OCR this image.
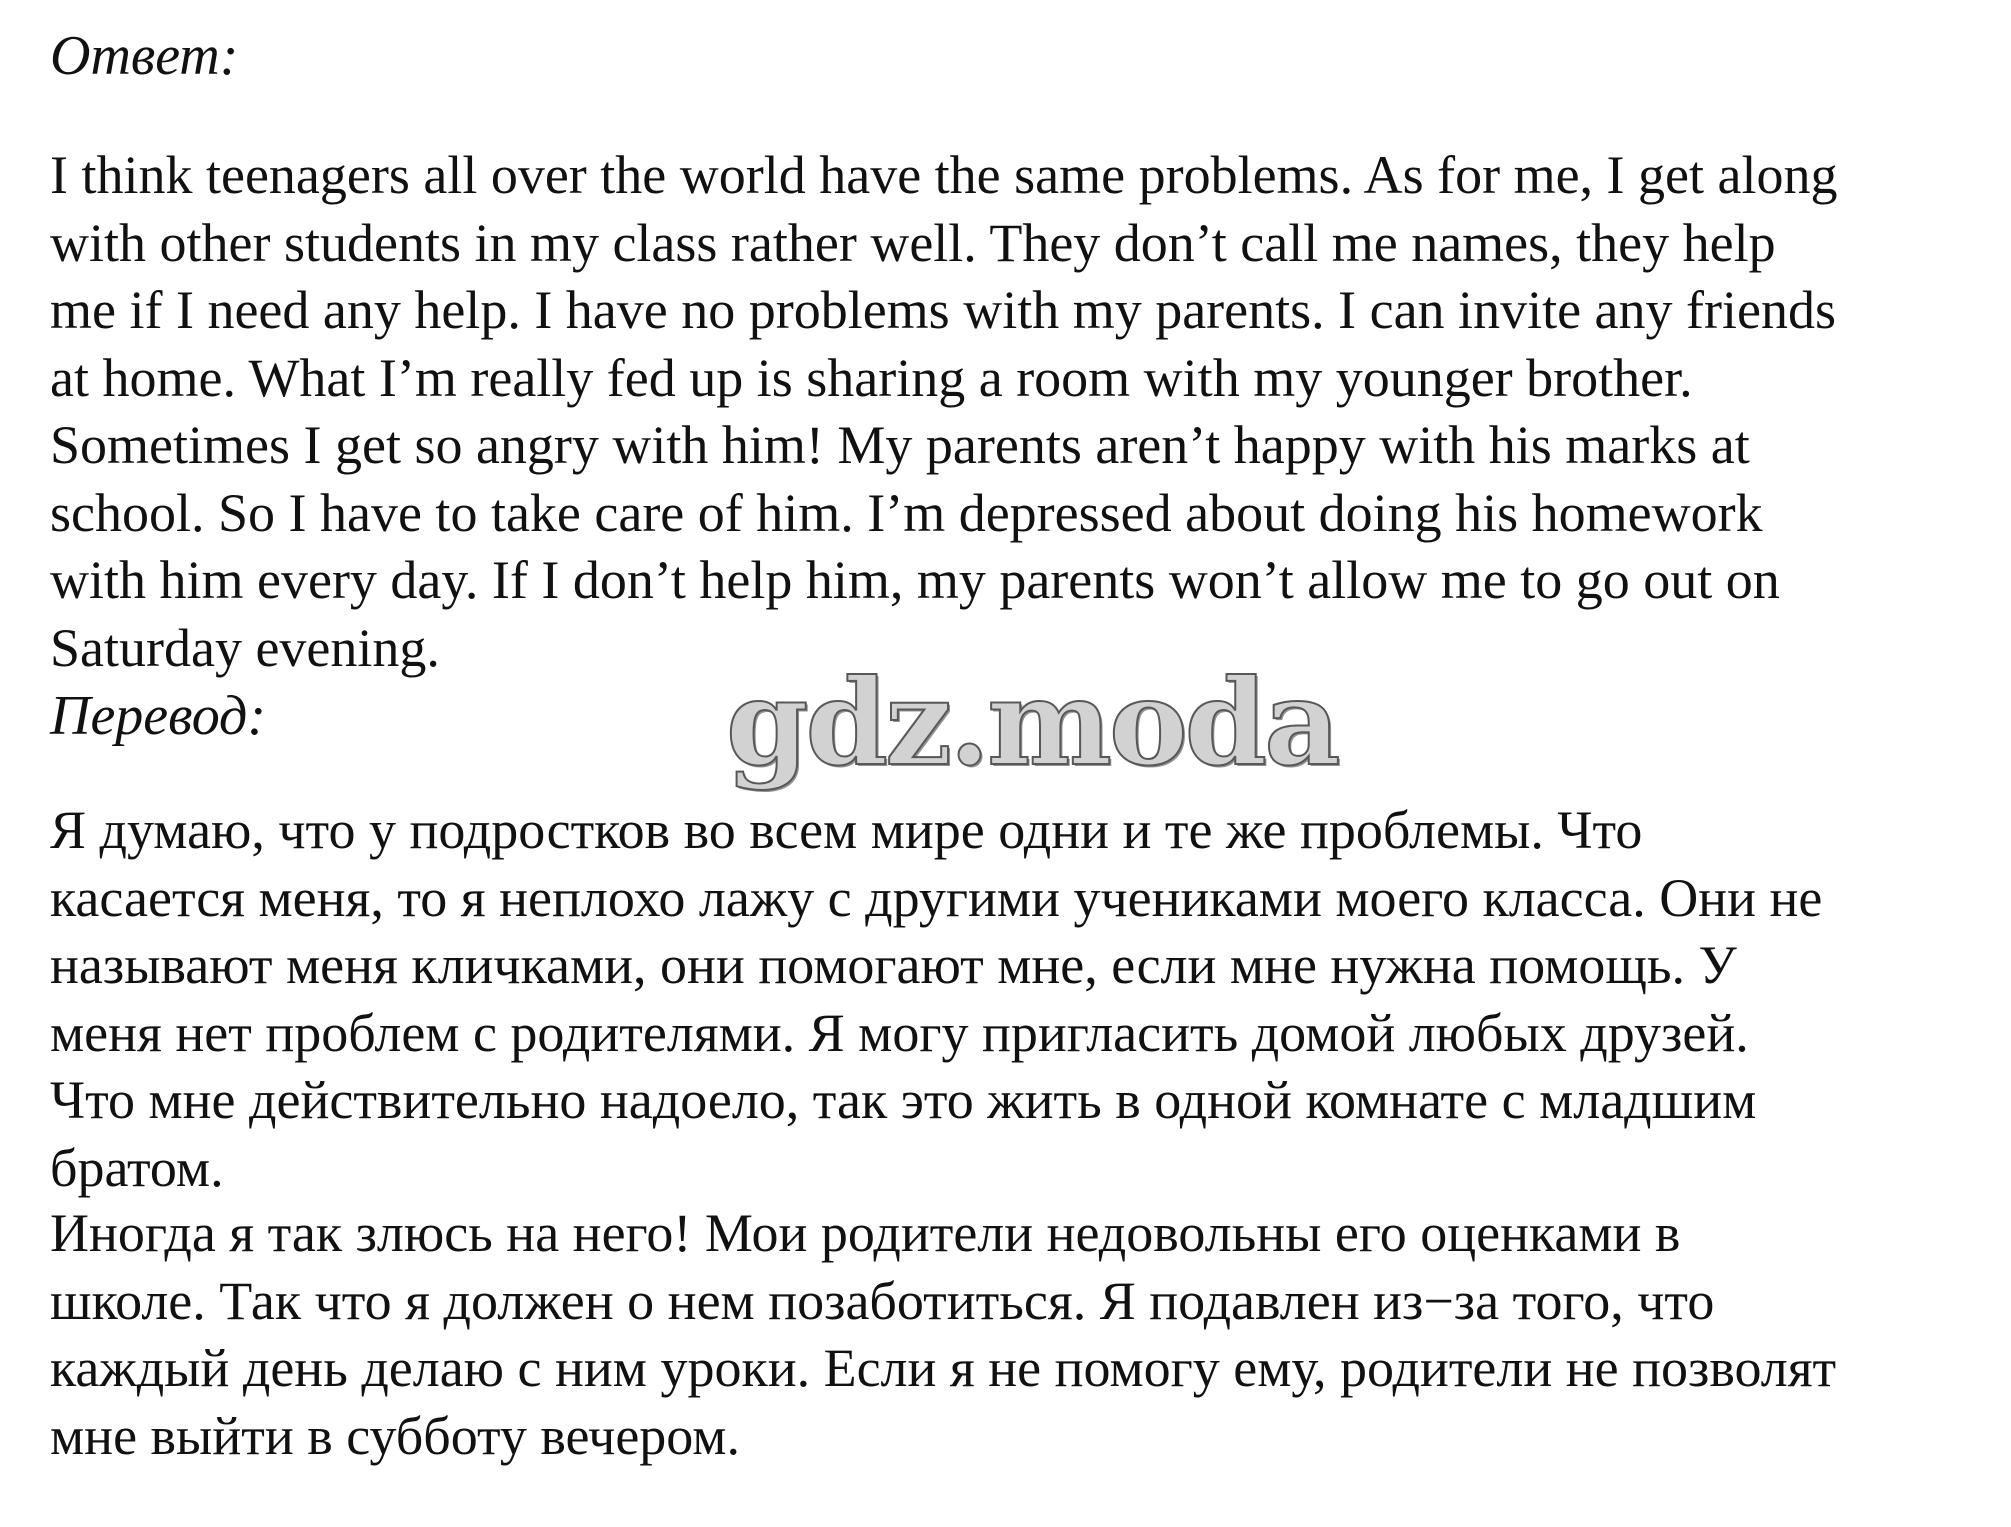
Ответ:
I think teenagers all over the world have the same problems. As for me, I get along
with other students in my class rather well. They don’t call me names, they help
me if I need any help. I have no problems with my parents. I can invite any friends
at home. What I’m really fed up is sharing a room with my younger brother.
Sometimes I get so angry with him! My parents aren’t happy with his marks at
school. So I have to take care of him. I’m depressed about doing his homework
with him every day. If I don’t help him, my parents won’t allow me to go out on
Saturday evening.
Перевод:	gdz.moda
Я думаю, что у подростков во всем мире одни и те же проблемы. Что
касается меня, то я неплохо лажу с другими учениками моего класса. Они не
называют меня кличками, они помогают мне, если мне нужна помощь. У
меня нет проблем с родителями. Я могу пригласить домой любых друзей.
Что мне действительно надоело, так это жить в одной комнате с младшим
братом.
Иногда я так злюсь на него! Мои родители недовольны его оценками в
школе. Так что я должен о нем позаботиться. Я подавлен из−за того, что
каждый день делаю с ним уроки. Если я не помогу ему, родители не позволят
мне выйти в субботу вечером.
